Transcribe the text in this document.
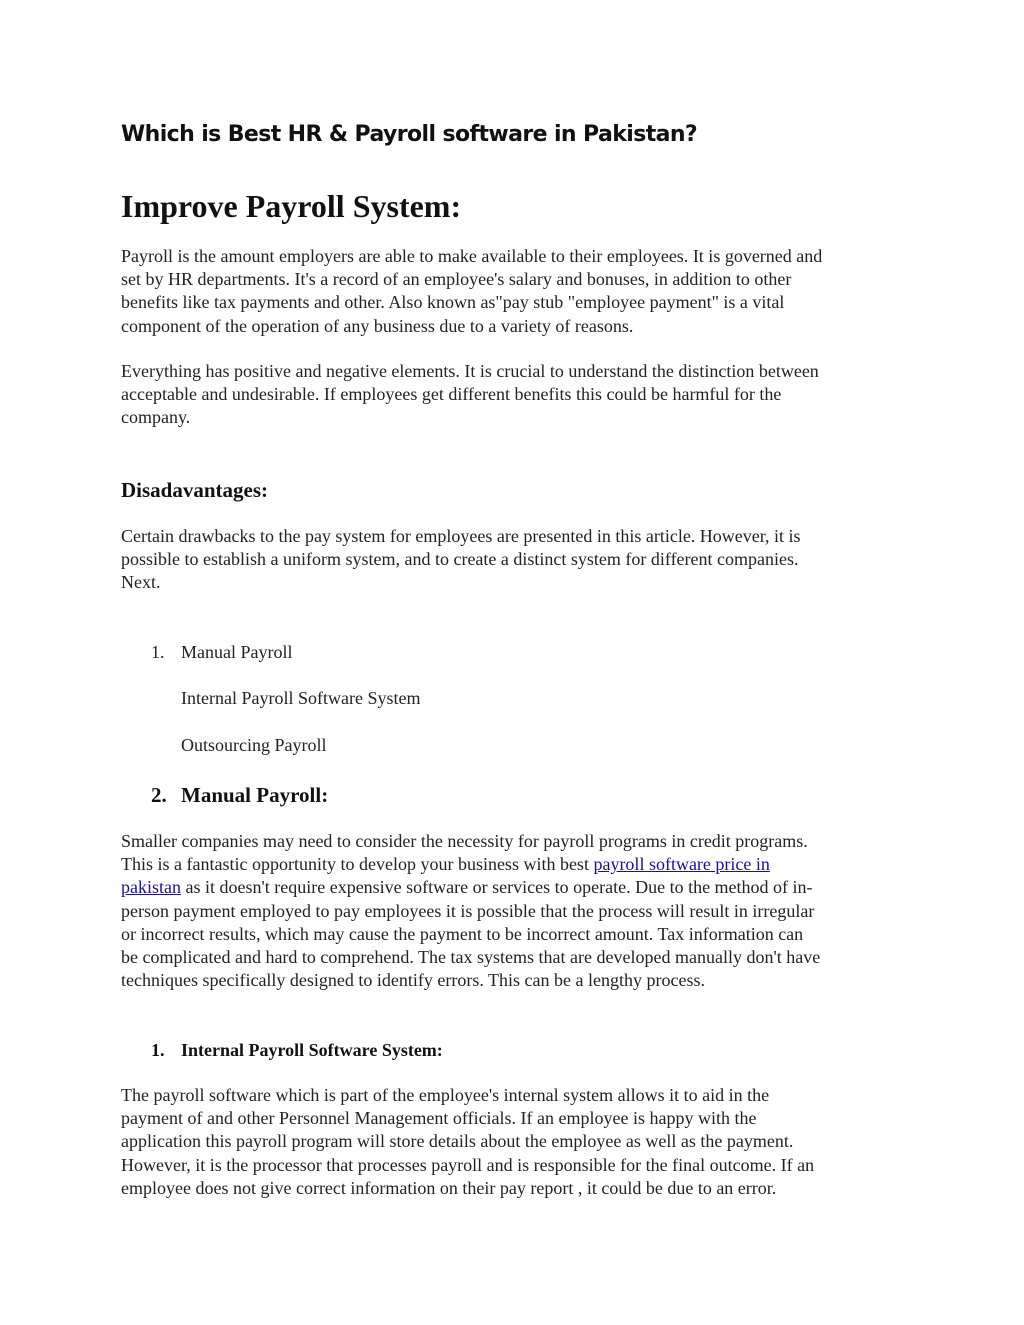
Which is Best HR & Payroll software in Pakistan?
Improve Payroll System:
Payroll is the amount employers are able to make available to their employees. It is governed and
set by HR departments. It's a record of an employee's salary and bonuses, in addition to other
benefits like tax payments and other. Also known as"pay stub "employee payment" is a vital
component of the operation of any business due to a variety of reasons.
Everything has positive and negative elements. It is crucial to understand the distinction between
acceptable and undesirable. If employees get different benefits this could be harmful for the
company.
Disadavantages:
Certain drawbacks to the pay system for employees are presented in this article. However, it is
possible to establish a uniform system, and to create a distinct system for different companies.
Next.
1. Manual Payroll
Internal Payroll Software System
Outsourcing Payroll
2. Manual Payroll:
Smaller companies may need to consider the necessity for payroll programs in credit programs.
This is a fantastic opportunity to develop your business with best payroll software price in
pakistan as it doesn't require expensive software or services to operate. Due to the method of in-
person payment employed to pay employees it is possible that the process will result in irregular
or incorrect results, which may cause the payment to be incorrect amount. Tax information can
be complicated and hard to comprehend. The tax systems that are developed manually don't have
techniques specifically designed to identify errors. This can be a lengthy process.
1. Internal Payroll Software System:
The payroll software which is part of the employee's internal system allows it to aid in the
payment of and other Personnel Management officials. If an employee is happy with the
application this payroll program will store details about the employee as well as the payment.
However, it is the processor that processes payroll and is responsible for the final outcome. If an
employee does not give correct information on their pay report , it could be due to an error.
